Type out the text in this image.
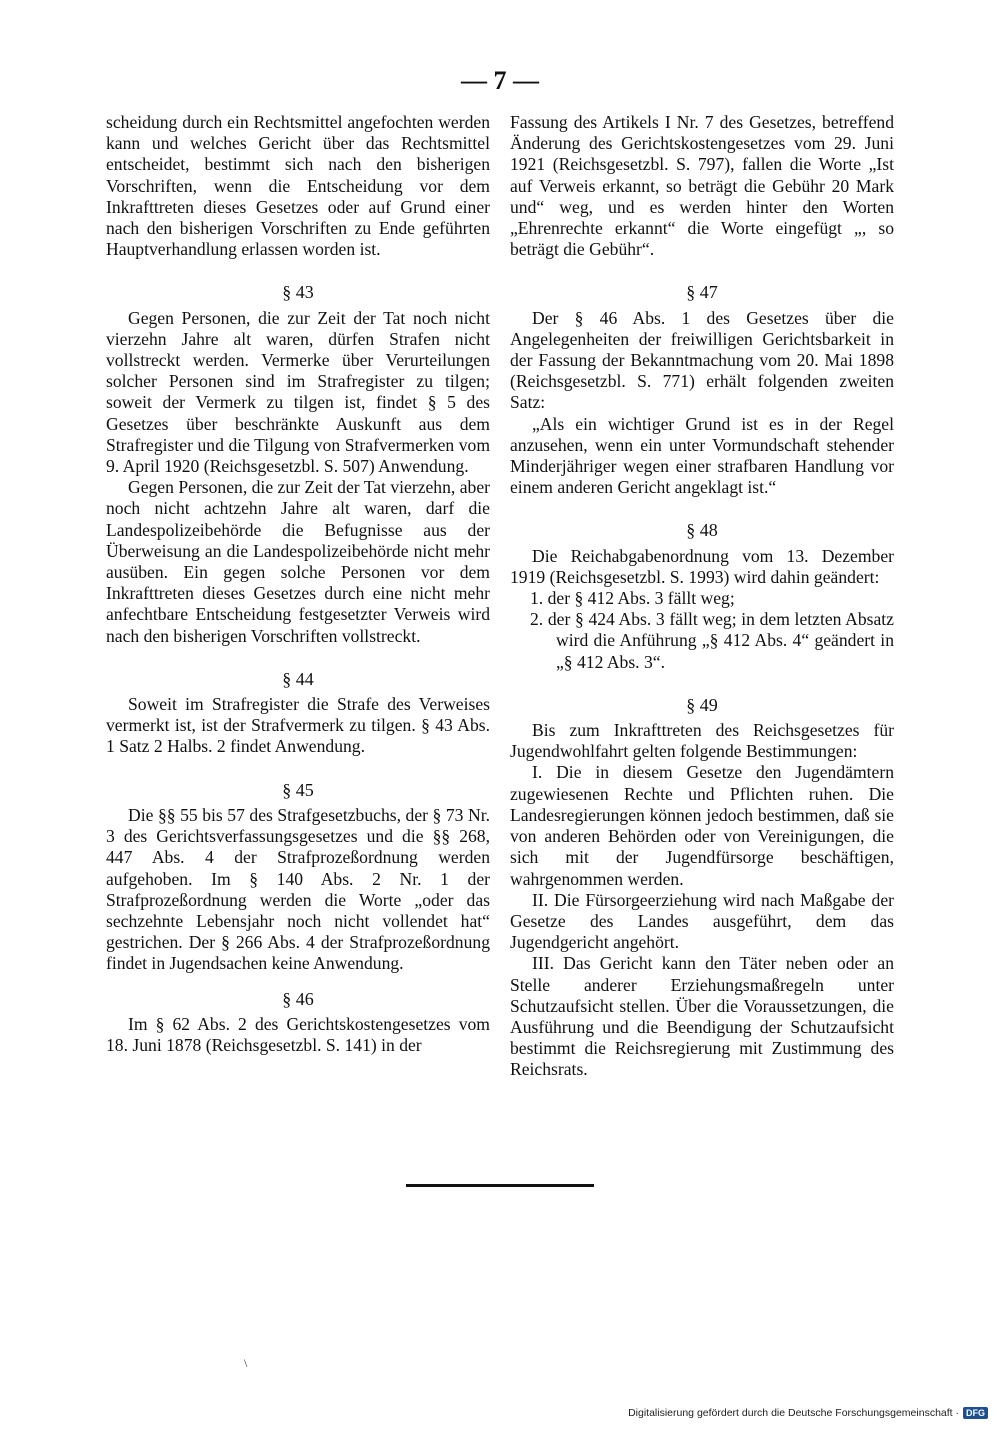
— 7 —

scheidung durch ein Rechtsmittel angefochten werden kann und welches Gericht über das Rechtsmittel entscheidet, bestimmt sich nach den bisherigen Vorschriften, wenn die Entscheidung vor dem Inkrafttreten dieses Gesetzes oder auf Grund einer nach den bisherigen Vorschriften zu Ende geführten Hauptverhandlung erlassen worden ist.

§ 43

Gegen Personen, die zur Zeit der Tat noch nicht vierzehn Jahre alt waren, dürfen Strafen nicht vollstreckt werden. Vermerke über Verurteilungen solcher Personen sind im Strafregister zu tilgen; soweit der Vermerk zu tilgen ist, findet § 5 des Gesetzes über beschränkte Auskunft aus dem Strafregister und die Tilgung von Strafvermerken vom 9. April 1920 (Reichsgesetzbl. S. 507) Anwendung.

Gegen Personen, die zur Zeit der Tat vierzehn, aber noch nicht achtzehn Jahre alt waren, darf die Landespolizeibehörde die Befugnisse aus der Überweisung an die Landespolizeibehörde nicht mehr ausüben. Ein gegen solche Personen vor dem Inkrafttreten dieses Gesetzes durch eine nicht mehr anfechtbare Entscheidung festgesetzter Verweis wird nach den bisherigen Vorschriften vollstreckt.

§ 44

Soweit im Strafregister die Strafe des Verweises vermerkt ist, ist der Strafvermerk zu tilgen. § 43 Abs. 1 Satz 2 Halbs. 2 findet Anwendung.

§ 45

Die §§ 55 bis 57 des Strafgesetzbuchs, der § 73 Nr. 3 des Gerichtsverfassungsgesetzes und die §§ 268, 447 Abs. 4 der Strafprozeßordnung werden aufgehoben. Im § 140 Abs. 2 Nr. 1 der Strafprozeßordnung werden die Worte „oder das sechzehnte Lebensjahr noch nicht vollendet hat“ gestrichen. Der § 266 Abs. 4 der Strafprozeßordnung findet in Jugendsachen keine Anwendung.

§ 46

Im § 62 Abs. 2 des Gerichtskostengesetzes vom 18. Juni 1878 (Reichsgesetzbl. S. 141) in der

Fassung des Artikels I Nr. 7 des Gesetzes, betreffend Änderung des Gerichtskostengesetzes vom 29. Juni 1921 (Reichsgesetzbl. S. 797), fallen die Worte „Ist auf Verweis erkannt, so beträgt die Gebühr 20 Mark und“ weg, und es werden hinter den Worten „Ehrenrechte erkannt“ die Worte eingefügt „, so beträgt die Gebühr“.

§ 47

Der § 46 Abs. 1 des Gesetzes über die Angelegenheiten der freiwilligen Gerichtsbarkeit in der Fassung der Bekanntmachung vom 20. Mai 1898 (Reichsgesetzbl. S. 771) erhält folgenden zweiten Satz:

„Als ein wichtiger Grund ist es in der Regel anzusehen, wenn ein unter Vormundschaft stehender Minderjähriger wegen einer strafbaren Handlung vor einem anderen Gericht angeklagt ist.“

§ 48

Die Reichabgabenordnung vom 13. Dezember 1919 (Reichsgesetzbl. S. 1993) wird dahin geändert:

1. der § 412 Abs. 3 fällt weg;

2. der § 424 Abs. 3 fällt weg; in dem letzten Absatz wird die Anführung „§ 412 Abs. 4“ geändert in „§ 412 Abs. 3“.

§ 49

Bis zum Inkrafttreten des Reichsgesetzes für Jugendwohlfahrt gelten folgende Bestimmungen:

I. Die in diesem Gesetze den Jugendämtern zugewiesenen Rechte und Pflichten ruhen. Die Landesregierungen können jedoch bestimmen, daß sie von anderen Behörden oder von Vereinigungen, die sich mit der Jugendfürsorge beschäftigen, wahrgenommen werden.

II. Die Fürsorgeerziehung wird nach Maßgabe der Gesetze des Landes ausgeführt, dem das Jugendgericht angehört.

III. Das Gericht kann den Täter neben oder an Stelle anderer Erziehungsmaßregeln unter Schutzaufsicht stellen. Über die Voraussetzungen, die Ausführung und die Beendigung der Schutzaufsicht bestimmt die Reichsregierung mit Zustimmung des Reichsrats.

\
Digitalisierung gefördert durch die Deutsche Forschungsgemeinschaft · DFG
